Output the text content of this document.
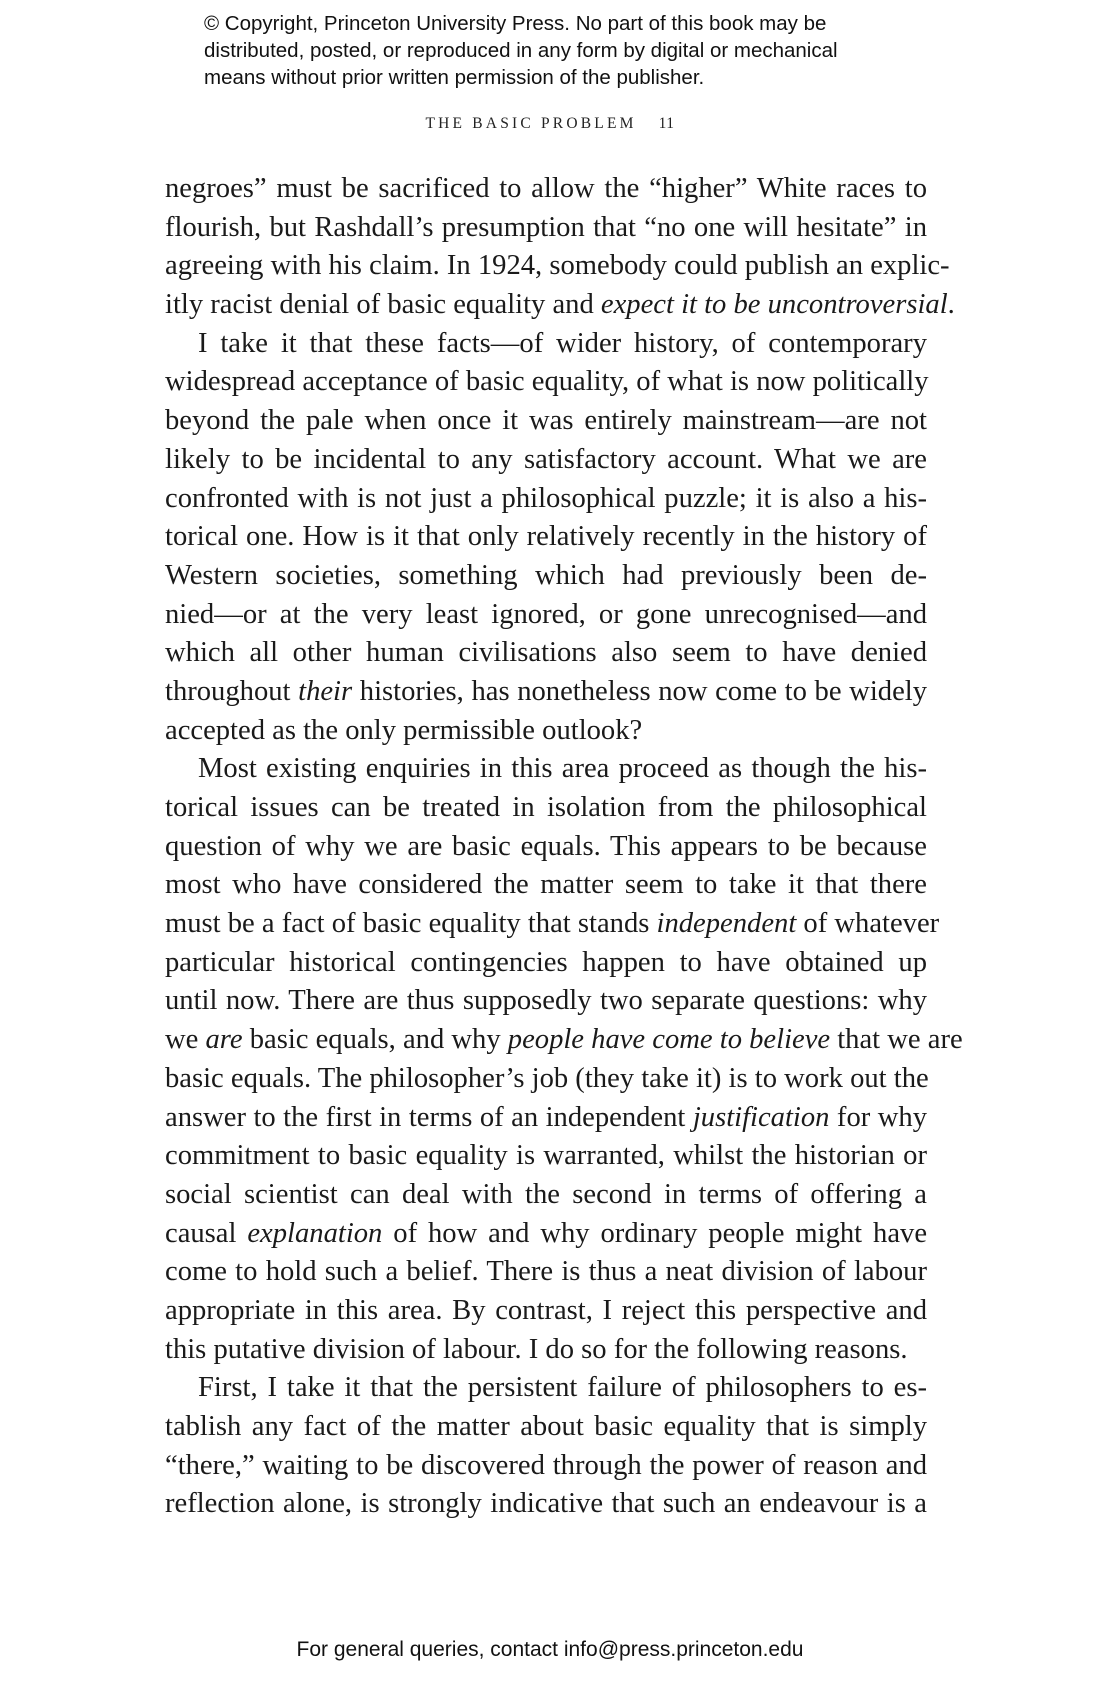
© Copyright, Princeton University Press. No part of this book may be
distributed, posted, or reproduced in any form by digital or mechanical
means without prior written permission of the publisher.
THE BASIC PROBLEM 11
negroes” must be sacrificed to allow the “higher” White races to
flourish, but Rashdall’s presumption that “no one will hesitate” in
agreeing with his claim. In 1924, somebody could publish an explic-
itly racist denial of basic equality and expect it to be uncontroversial.
I take it that these facts—of wider history, of contemporary
widespread acceptance of basic equality, of what is now politically
beyond the pale when once it was entirely mainstream—are not
likely to be incidental to any satisfactory account. What we are
confronted with is not just a philosophical puzzle; it is also a his-
torical one. How is it that only relatively recently in the history of
Western societies, something which had previously been de-
nied—or at the very least ignored, or gone unrecognised—and
which all other human civilisations also seem to have denied
throughout their histories, has nonetheless now come to be widely
accepted as the only permissible outlook?
Most existing enquiries in this area proceed as though the his-
torical issues can be treated in isolation from the philosophical
question of why we are basic equals. This appears to be because
most who have considered the matter seem to take it that there
must be a fact of basic equality that stands independent of whatever
particular historical contingencies happen to have obtained up
until now. There are thus supposedly two separate questions: why
we are basic equals, and why people have come to believe that we are
basic equals. The philosopher’s job (they take it) is to work out the
answer to the first in terms of an independent justification for why
commitment to basic equality is warranted, whilst the historian or
social scientist can deal with the second in terms of offering a
causal explanation of how and why ordinary people might have
come to hold such a belief. There is thus a neat division of labour
appropriate in this area. By contrast, I reject this perspective and
this putative division of labour. I do so for the following reasons.
First, I take it that the persistent failure of philosophers to es-
tablish any fact of the matter about basic equality that is simply
“there,” waiting to be discovered through the power of reason and
reflection alone, is strongly indicative that such an endeavour is a
For general queries, contact info@press.princeton.edu
